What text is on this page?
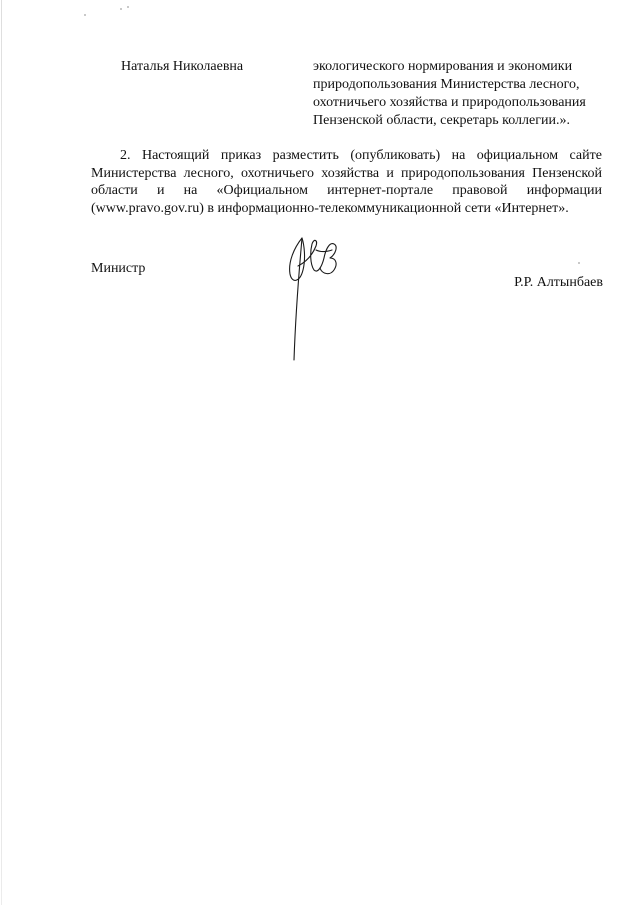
Наталья Николаевна	экологического нормирования и экономики
природопользования Министерства лесного,
охотничьего хозяйства и природопользования
Пензенской области, секретарь коллегии.».
2. Настоящий приказ разместить (опубликовать) на официальном сайте
Министерства лесного, охотничьего хозяйства и природопользования Пензенской
области и на «Официальном интернет-портале правовой информации
(www.pravo.gov.ru) в информационно-телекоммуникационной сети «Интернет».
Министр
Р.Р. Алтынбаев
